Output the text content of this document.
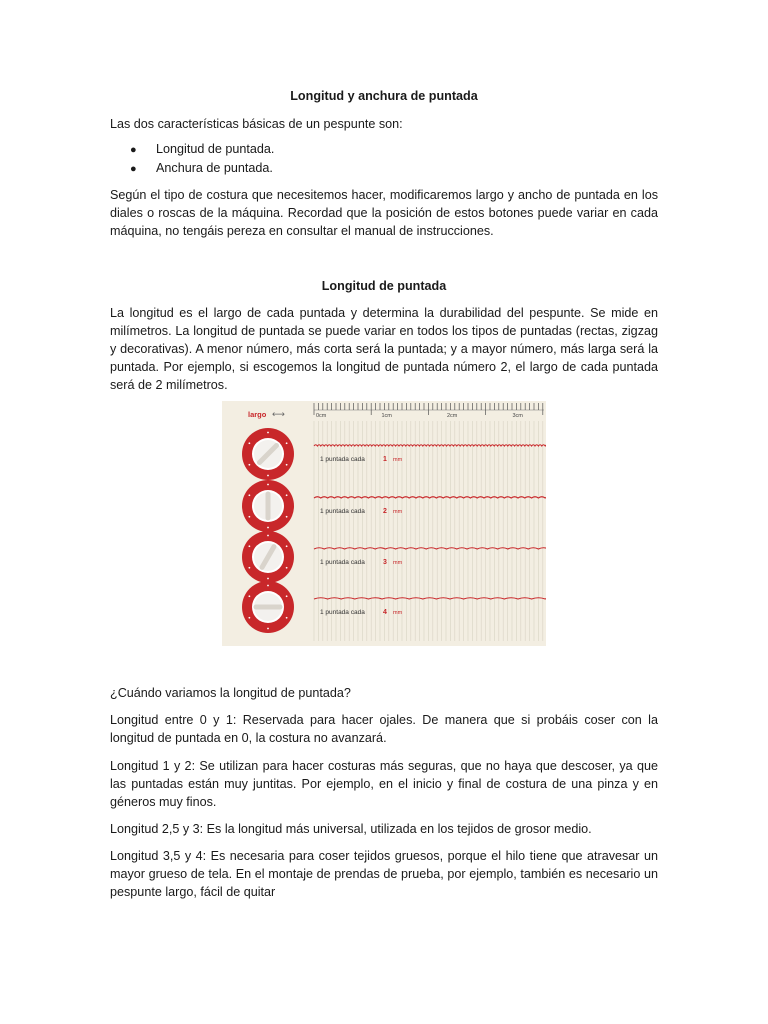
Longitud y anchura de puntada

Las dos características básicas de un pespunte son:

● Longitud de puntada.

● Anchura de puntada.

Según el tipo de costura que necesitemos hacer, modificaremos largo y ancho de puntada en los diales o roscas de la máquina. Recordad que la posición de estos botones puede variar en cada máquina, no tengáis pereza en consultar el manual de instrucciones.

Longitud de puntada

La longitud es el largo de cada puntada y determina la durabilidad del pespunte. Se mide en milímetros. La longitud de puntada se puede variar en todos los tipos de puntadas (rectas, zigzag y decorativas). A menor número, más corta será la puntada; y a mayor número, más larga será la puntada. Por ejemplo, si escogemos la longitud de puntada número 2, el largo de cada puntada será de 2 milímetros.

0cm	1cm	2cm	3cm
largo ⟷
1 puntada cada	1 mm
1 puntada cada	2 mm
1 puntada cada	3 mm
1 puntada cada	4 mm

¿Cuándo variamos la longitud de puntada?

Longitud entre 0 y 1: Reservada para hacer ojales. De manera que si probáis coser con la longitud de puntada en 0, la costura no avanzará.

Longitud 1 y 2: Se utilizan para hacer costuras más seguras, que no haya que descoser, ya que las puntadas están muy juntitas. Por ejemplo, en el inicio y final de costura de una pinza y en géneros muy finos.

Longitud 2,5 y 3: Es la longitud más universal, utilizada en los tejidos de grosor medio.

Longitud 3,5 y 4: Es necesaria para coser tejidos gruesos, porque el hilo tiene que atravesar un mayor grueso de tela. En el montaje de prendas de prueba, por ejemplo, también es necesario un pespunte largo, fácil de quitar
